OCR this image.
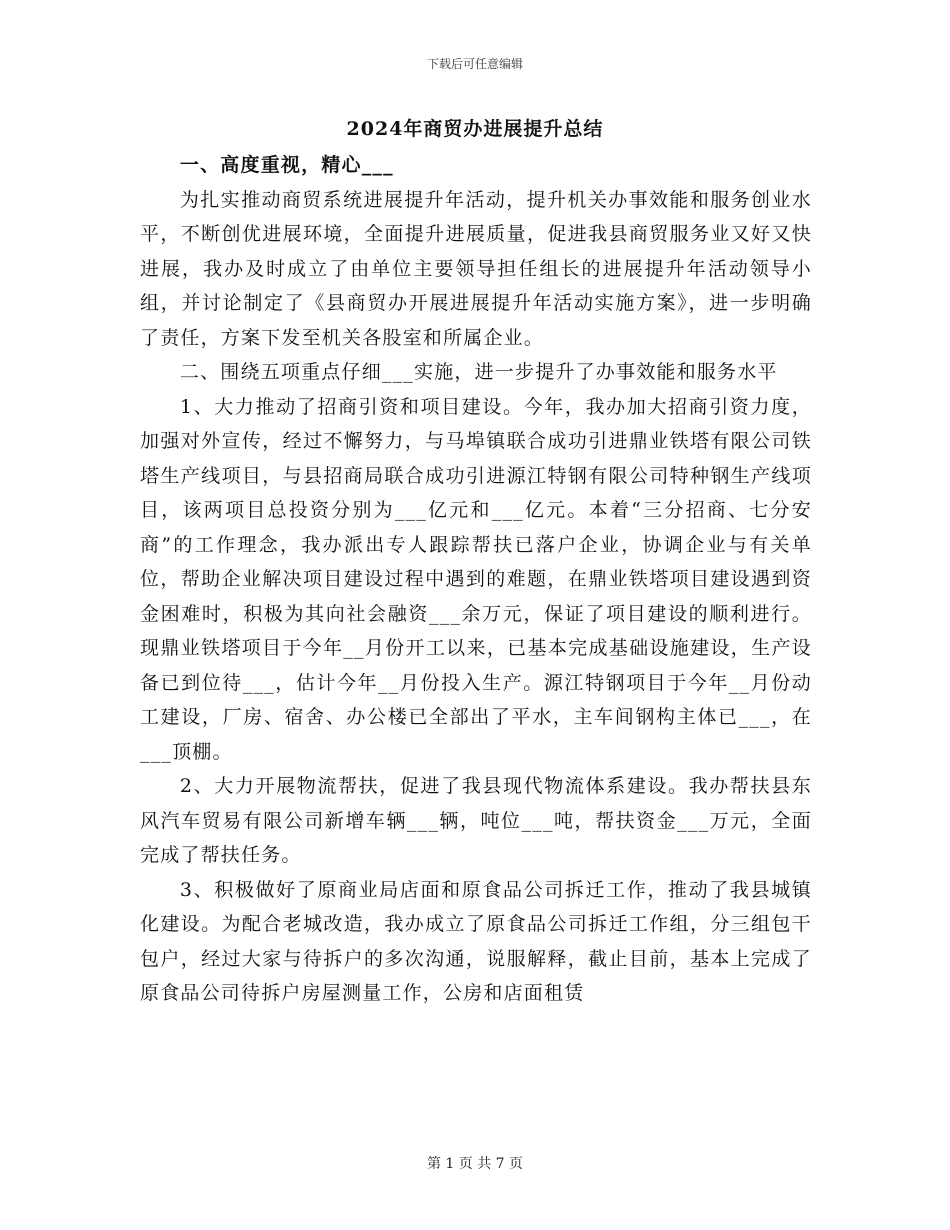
下载后可任意编辑
2024年商贸办进展提升总结

一、高度重视，精心___

为扎实推动商贸系统进展提升年活动，提升机关办事效能和服务创业水平，不断创优进展环境，全面提升进展质量，促进我县商贸服务业又好又快进展，我办及时成立了由单位主要领导担任组长的进展提升年活动领导小组，并讨论制定了《县商贸办开展进展提升年活动实施方案》，进一步明确了责任，方案下发至机关各股室和所属企业。

二、围绕五项重点仔细___实施，进一步提升了办事效能和服务水平

1、大力推动了招商引资和项目建设。今年，我办加大招商引资力度，加强对外宣传，经过不懈努力，与马埠镇联合成功引进鼎业铁塔有限公司铁塔生产线项目，与县招商局联合成功引进源江特钢有限公司特种钢生产线项目，该两项目总投资分别为___亿元和___亿元。本着“三分招商、七分安商”的工作理念，我办派出专人跟踪帮扶已落户企业，协调企业与有关单位，帮助企业解决项目建设过程中遇到的难题，在鼎业铁塔项目建设遇到资金困难时，积极为其向社会融资___余万元，保证了项目建设的顺利进行。现鼎业铁塔项目于今年__月份开工以来，已基本完成基础设施建设，生产设备已到位待___，估计今年__月份投入生产。源江特钢项目于今年__月份动工建设，厂房、宿舍、办公楼已全部出了平水，主车间钢构主体已___，在___顶棚。

2、大力开展物流帮扶，促进了我县现代物流体系建设。我办帮扶县东风汽车贸易有限公司新增车辆___辆，吨位___吨，帮扶资金___万元，全面完成了帮扶任务。

3、积极做好了原商业局店面和原食品公司拆迁工作，推动了我县城镇化建设。为配合老城改造，我办成立了原食品公司拆迁工作组，分三组包干包户，经过大家与待拆户的多次沟通，说服解释，截止目前，基本上完成了原食品公司待拆户房屋测量工作，公房和店面租赁

第 1 页 共 7 页
